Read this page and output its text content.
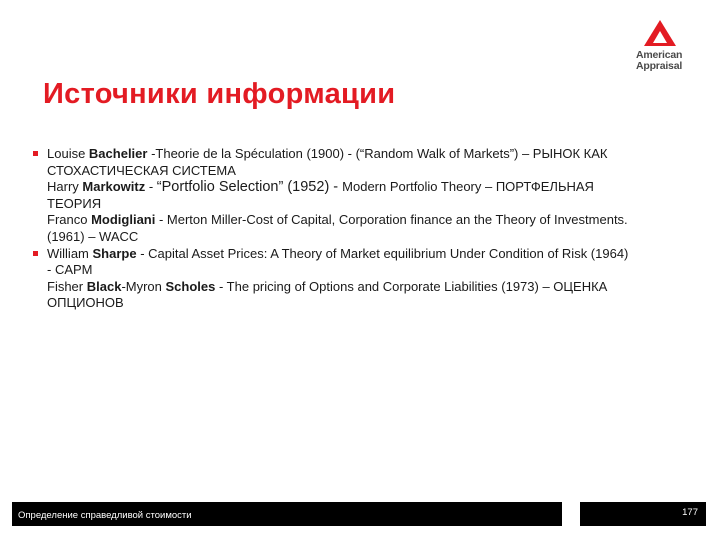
American
Appraisal
Источники информации
Louise Bachelier -Theorie de la Spéculation (1900) - (“Random Walk of Markets”) – РЫНОК КАК СТОХАСТИЧЕСКАЯ СИСТЕМА
Harry Markowitz - “Portfolio Selection” (1952) - Modern Portfolio Theory – ПОРТФЕЛЬНАЯ ТЕОРИЯ
Franco Modigliani - Merton Miller-Cost of Capital, Corporation finance an the Theory of Investments. (1961) – WACC
William Sharpe - Capital Asset Prices: A Theory of Market equilibrium Under Condition of Risk (1964) - CAPM
Fisher Black-Myron Scholes - The pricing of Options and Corporate Liabilities (1973) – ОЦЕНКА ОПЦИОНОВ
Определение справедливой стоимости	177
